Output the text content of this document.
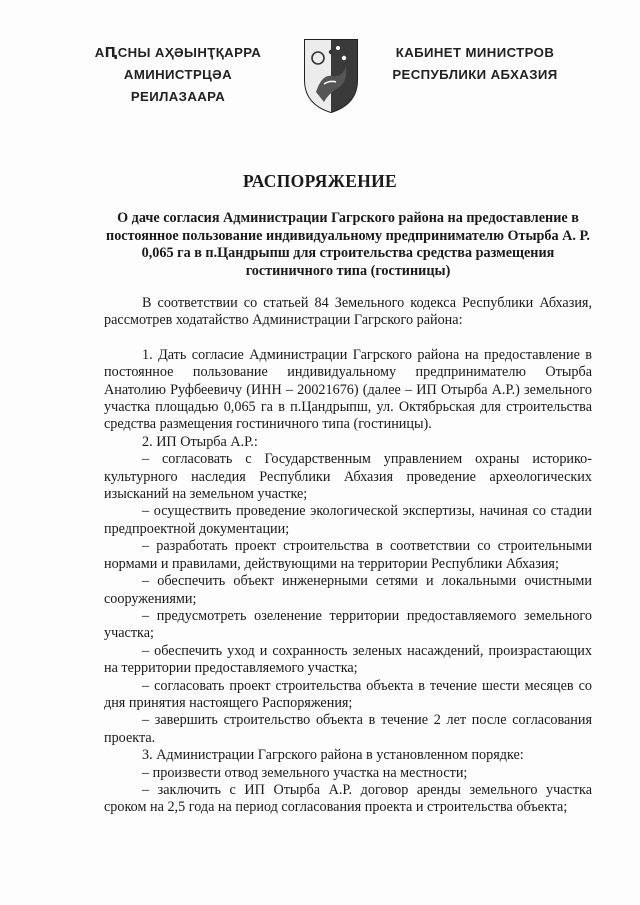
АԤСНЫ АҲӘЫНҬҚАРРА
АМИНИСТРЦӘА РЕИЛАЗААРА
КАБИНЕТ МИНИСТРОВ
РЕСПУБЛИКИ АБХАЗИЯ
РАСПОРЯЖЕНИЕ
О даче согласия Администрации Гагрского района на предоставление в постоянное пользование индивидуальному предпринимателю Отырба А. Р. 0,065 га в п.Цандрыпш для строительства средства размещения гостиничного типа (гостиницы)

В соответствии со статьей 84 Земельного кодекса Республики Абхазия, рассмотрев ходатайство Администрации Гагрского района:

1. Дать согласие Администрации Гагрского района на предоставление в постоянное пользование индивидуальному предпринимателю Отырба Анатолию Руфбеевичу (ИНН – 20021676) (далее – ИП Отырба А.Р.) земельного участка площадью 0,065 га в п.Цандрыпш, ул. Октябрьская для строительства средства размещения гостиничного типа (гостиницы).

2. ИП Отырба А.Р.:

– согласовать с Государственным управлением охраны историко-культурного наследия Республики Абхазия проведение археологических изысканий на земельном участке;

– осуществить проведение экологической экспертизы, начиная со стадии предпроектной документации;

– разработать проект строительства в соответствии со строительными нормами и правилами, действующими на территории Республики Абхазия;

– обеспечить объект инженерными сетями и локальными очистными сооружениями;

– предусмотреть озеленение территории предоставляемого земельного участка;

– обеспечить уход и сохранность зеленых насаждений, произрастающих на территории предоставляемого участка;

– согласовать проект строительства объекта в течение шести месяцев со дня принятия настоящего Распоряжения;

– завершить строительство объекта в течение 2 лет после согласования проекта.

3. Администрации Гагрского района в установленном порядке:

– произвести отвод земельного участка на местности;

– заключить с ИП Отырба А.Р. договор аренды земельного участка сроком на 2,5 года на период согласования проекта и строительства объекта;
